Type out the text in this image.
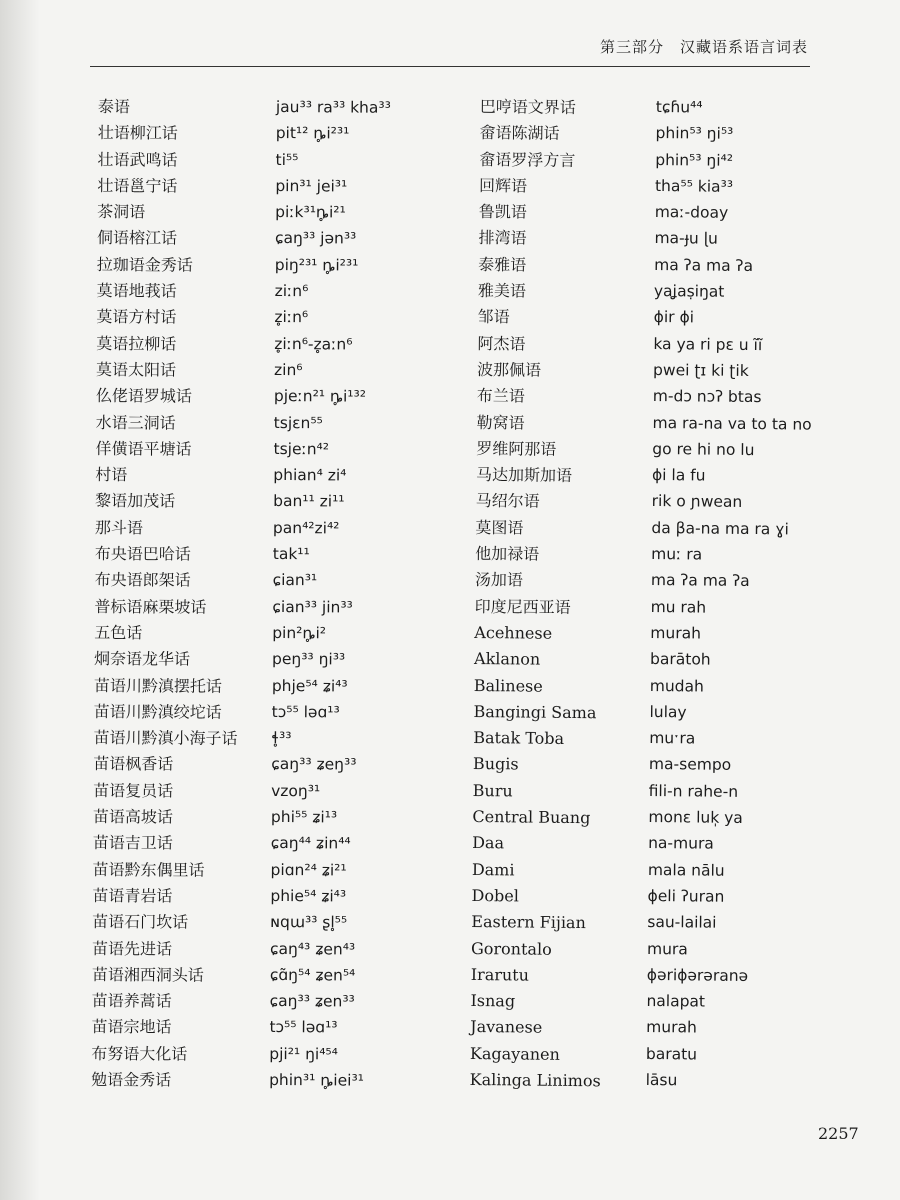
第三部分　汉藏语系语言词表
泰语
壮语柳江话
壮语武鸣话
壮语邕宁话
茶洞语
侗语榕江话
拉珈语金秀话
莫语地莪话
莫语方村话
莫语拉柳话
莫语太阳话
仫佬语罗城话
水语三洞话
佯僙语平塘话
村语
黎语加茂话
那斗语
布央语巴哈话
布央语郎架话
普标语麻栗坡话
五色话
炯奈语龙华话
苗语川黔滇摆托话
苗语川黔滇绞坨话
苗语川黔滇小海子话
苗语枫香话
苗语复员话
苗语高坡话
苗语吉卫话
苗语黔东偶里话
苗语青岩话
苗语石门坎话
苗语先进话
苗语湘西洞头话
苗语养蒿话
苗语宗地话
布努语大化话
勉语金秀话
jau³³ ra³³ kha³³
pit¹² ȵ̥i²³¹
ti⁵⁵
pin³¹ jei³¹
piːk³¹ȵ̥i²¹
ɕaŋ³³ jən³³
piŋ²³¹ ȵ̥i²³¹
ziːn⁶
z̥iːn⁶
z̥iːn⁶-z̥aːn⁶
zin⁶
pjeːn²¹ ȵ̥i¹³²
tsjɛn⁵⁵
tsjeːn⁴²
phian⁴ zi⁴
ban¹¹ zi¹¹
pan⁴²zi⁴²
tak¹¹
ɕian³¹
ɕian³³ jin³³
pin²ȵ̥i²
peŋ³³ ŋi³³
phje⁵⁴ ʑi⁴³
tɔ⁵⁵ ləɑ¹³
ɬ̥³³
ɕaŋ³³ ʑeŋ³³
vzoŋ³¹
phi⁵⁵ ʑi¹³
ɕaŋ⁴⁴ ʑin⁴⁴
piɑn²⁴ ʑi²¹
phie⁵⁴ ʑi⁴³
ɴqɯ³³ ʂl̥⁵⁵
ɕaŋ⁴³ ʑen⁴³
ɕɑ̃ŋ⁵⁴ ʑen⁵⁴
ɕaŋ³³ ʑen³³
tɔ⁵⁵ ləɑ¹³
pji²¹ ŋi⁴⁵⁴
phin³¹ ȵ̥iei³¹
巴哼语文界话
畲语陈湖话
畲语罗浮方言
回辉语
鲁凯语
排湾语
泰雅语
雅美语
邹语
阿杰语
波那佩语
布兰语
勒窝语
罗维阿那语
马达加斯加语
马绍尔语
莫图语
他加禄语
汤加语
印度尼西亚语
Acehnese
Aklanon
Balinese
Bangingi Sama
Batak Toba
Bugis
Buru
Central Buang
Daa
Dami
Dobel
Eastern Fijian
Gorontalo
Irarutu
Isnag
Javanese
Kagayanen
Kalinga Linimos
tɕɦu⁴⁴
phin⁵³ ŋi⁵³
phin⁵³ ŋi⁴²
tha⁵⁵ kia³³
maː-doay
ma-ɟu ɭu
ma ʔa ma ʔa
yaʝaṣiŋat
ɸir ɸi
ka ya ri pɛ u ĩĩ
pwei ʈɪ ki ʈik
m-dɔ nɔʔ btas
ma ra-na va to ta no
go re hi no lu
ɸi la fu
rik o ɲwean
da βa-na ma ra ɣi
muː ra
ma ʔa ma ʔa
mu rah
murah
barātoh
mudah
lulay
muˑra
ma-sempo
fili-n rahe-n
monɛ luk̩ ya
na-mura
mala nālu
ɸeli ʔuran
sau-lailai
mura
ɸəriɸərəranə
nalapat
murah
baratu
lāsu
2257
